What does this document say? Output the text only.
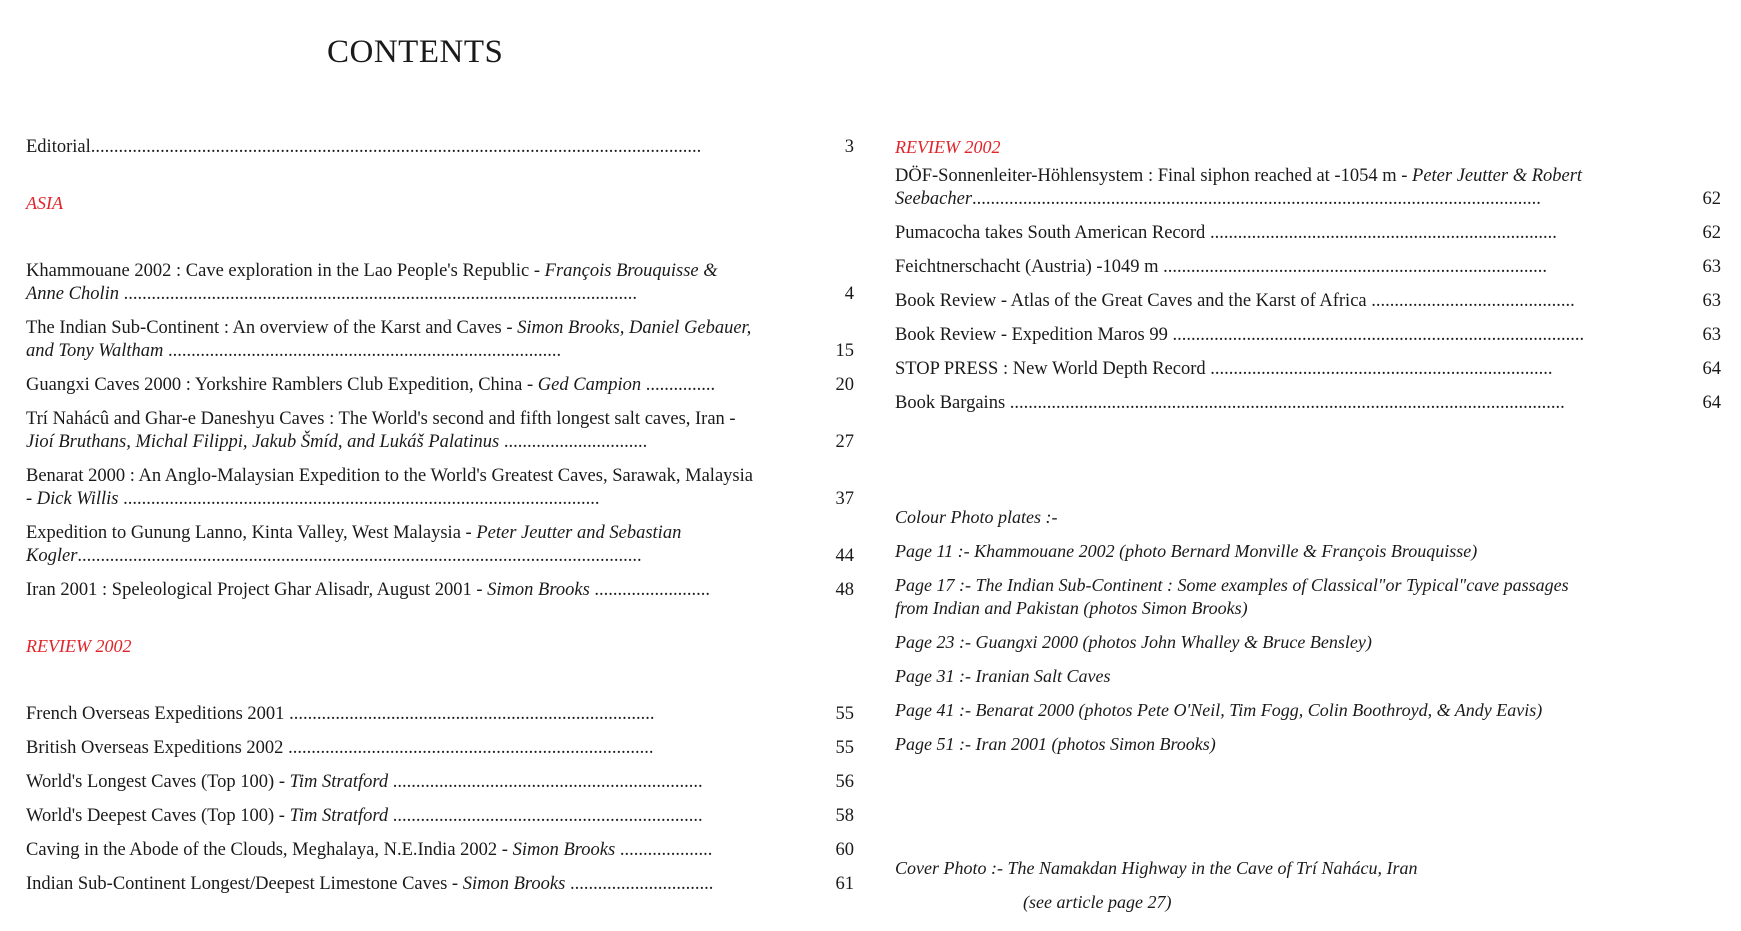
CONTENTS
Editorial....................................................................................................................................	3
ASIA
Khammouane 2002 : Cave exploration in the Lao People's Republic - François Brouquisse & Anne Cholin ...............................................................................................................	4
The Indian Sub-Continent : An overview of the Karst and Caves - Simon Brooks, Daniel Gebauer, and Tony Waltham .....................................................................................	15
Guangxi Caves 2000 : Yorkshire Ramblers Club Expedition, China - Ged Campion ...............	20
Trí Nahácû and Ghar-e Daneshyu Caves : The World's second and fifth longest salt caves, Iran - Jioí Bruthans, Michal Filippi, Jakub Šmíd, and Lukáš Palatinus ...............................	27
Benarat 2000 : An Anglo-Malaysian Expedition to the World's Greatest Caves, Sarawak, Malaysia - Dick Willis .......................................................................................................	37
Expedition to Gunung Lanno, Kinta Valley, West Malaysia - Peter Jeutter and Sebastian Kogler..........................................................................................................................	44
Iran 2001 : Speleological Project Ghar Alisadr, August 2001 - Simon Brooks .........................	48
REVIEW 2002
French Overseas Expeditions 2001 ...............................................................................	55
British Overseas Expeditions 2002 ...............................................................................	55
World's Longest Caves (Top 100) - Tim Stratford ...................................................................	56
World's Deepest Caves (Top 100) - Tim Stratford ...................................................................	58
Caving in the Abode of the Clouds, Meghalaya, N.E.India 2002 - Simon Brooks ....................	60
Indian Sub-Continent Longest/Deepest Limestone Caves - Simon Brooks ...............................	61
REVIEW 2002
DÖF-Sonnenleiter-Höhlensystem : Final siphon reached at -1054 m - Peter Jeutter & Robert Seebacher...........................................................................................................................	62
Pumacocha takes South American Record ...........................................................................	62
Feichtnerschacht (Austria) -1049 m ...................................................................................	63
Book Review - Atlas of the Great Caves and the Karst of Africa ............................................	63
Book Review - Expedition Maros 99 .........................................................................................	63
STOP PRESS : New World Depth Record ..........................................................................	64
Book Bargains ........................................................................................................................	64
Colour Photo plates :-
Page 11 :- Khammouane 2002 (photo Bernard Monville & François Brouquisse)
Page 17 :- The Indian Sub-Continent : Some examples of Classical"or Typical"cave passages from Indian and Pakistan (photos Simon Brooks)
Page 23 :- Guangxi 2000 (photos John Whalley & Bruce Bensley)
Page 31 :- Iranian Salt Caves
Page 41 :- Benarat 2000 (photos Pete O'Neil, Tim Fogg, Colin Boothroyd, & Andy Eavis)
Page 51 :- Iran 2001 (photos Simon Brooks)
Cover Photo :- The Namakdan Highway in the Cave of Trí Nahácu, Iran
(see article page 27)
